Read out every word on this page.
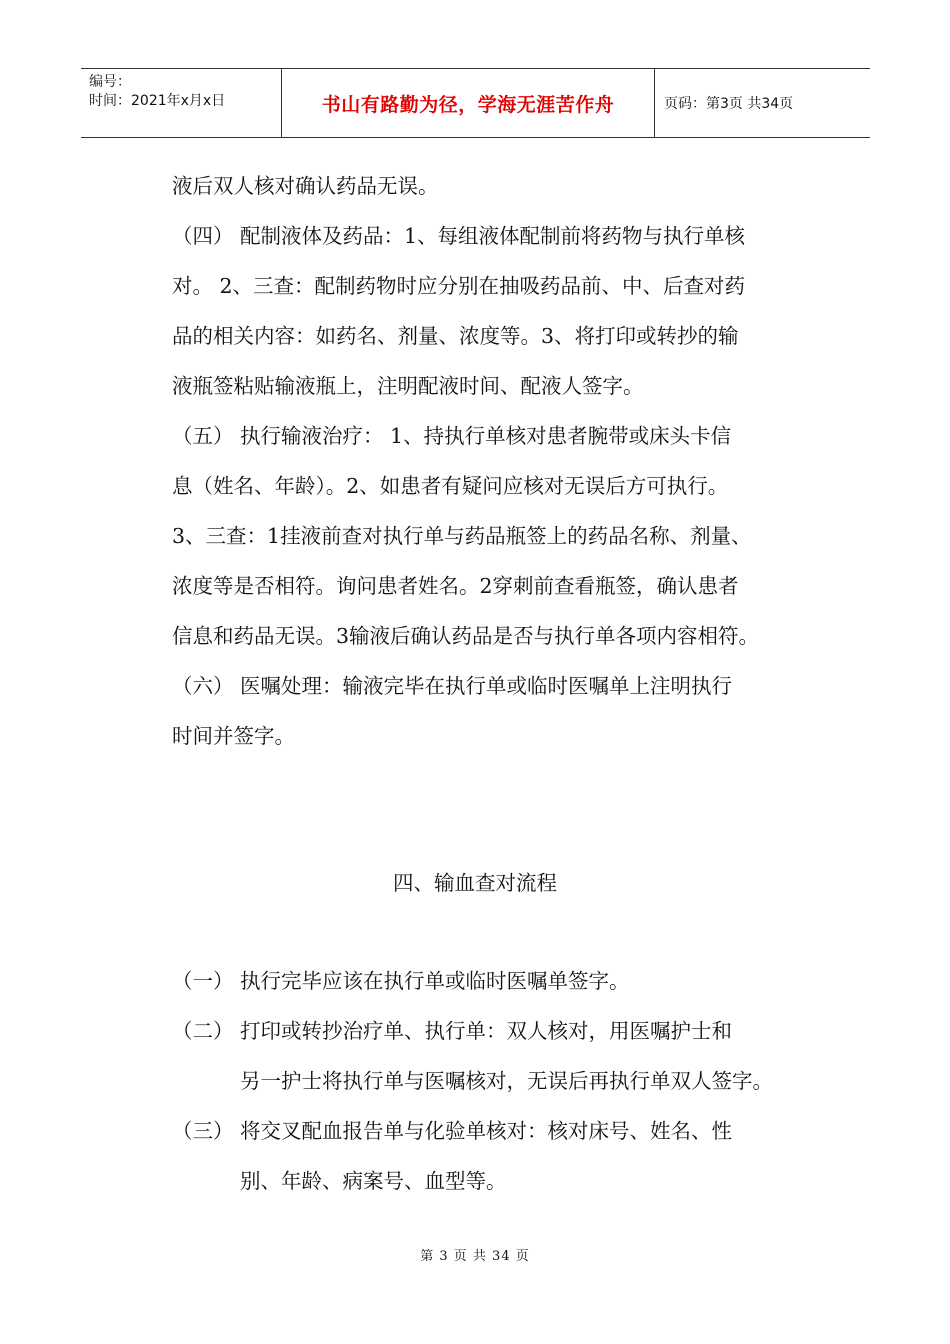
编号：
时间：2021年x月x日	书山有路勤为径，学海无涯苦作舟	页码：第3页 共34页

液后双人核对确认药品无误。

（四） 配制液体及药品：1、每组液体配制前将药物与执行单核

对。 2、三查：配制药物时应分别在抽吸药品前、中、后查对药

品的相关内容：如药名、剂量、浓度等。3、将打印或转抄的输

液瓶签粘贴输液瓶上，注明配液时间、配液人签字。

（五） 执行输液治疗： 1、持执行单核对患者腕带或床头卡信

息（姓名、年龄）。2、如患者有疑问应核对无误后方可执行。

3、三查：1挂液前查对执行单与药品瓶签上的药品名称、剂量、

浓度等是否相符。询问患者姓名。2穿刺前查看瓶签，确认患者

信息和药品无误。3输液后确认药品是否与执行单各项内容相符。

（六） 医嘱处理：输液完毕在执行单或临时医嘱单上注明执行

时间并签字。

四、输血查对流程

（一） 执行完毕应该在执行单或临时医嘱单签字。

（二） 打印或转抄治疗单、执行单：双人核对，用医嘱护士和

另一护士将执行单与医嘱核对，无误后再执行单双人签字。

（三） 将交叉配血报告单与化验单核对：核对床号、姓名、性

别、年龄、病案号、血型等。

第 3 页 共 34 页
